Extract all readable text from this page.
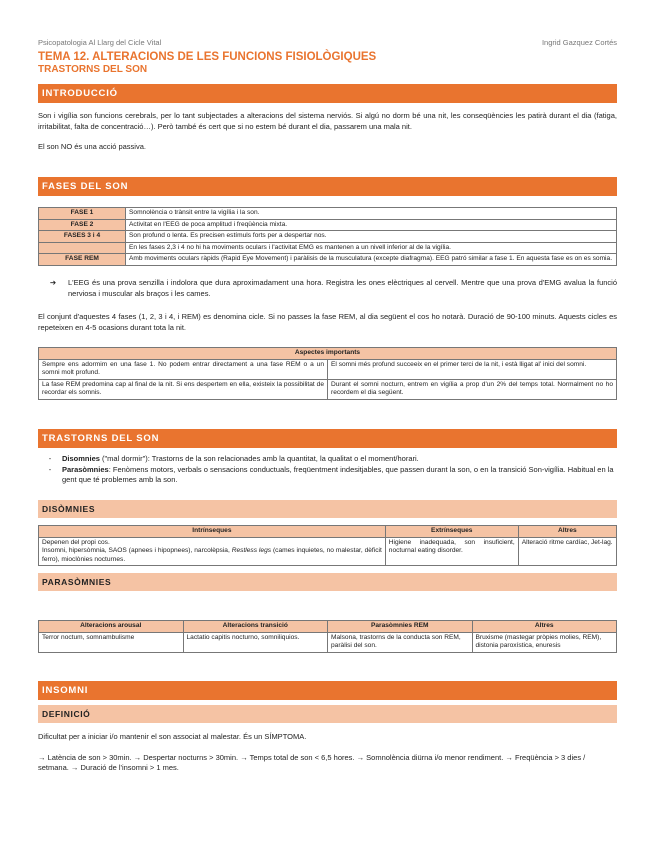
Psicopatologia Al Llarg del Cicle Vital	Ingrid Gazquez Cortés
TEMA 12. ALTERACIONS DE LES FUNCIONS FISIOLÒGIQUES
TRASTORNS DEL SON
INTRODUCCIÓ

Son i vigília son funcions cerebrals, per lo tant subjectades a alteracions del sistema nerviós. Si algú no dorm bé una nit, les conseqüències les patirà durant el dia (fatiga, irritabilitat, falta de concentració…). Però també és cert que si no estem bé durant el dia, passarem una mala nit.

El son NO és una acció passiva.

FASES DEL SON
FASE 1	Somnolència o trànsit entre la vigília i la son.
FASE 2	Activitat en l'EEG de poca amplitud i freqüència mixta.
FASES 3 i 4	Son profund o lenta. Es precisen estímuls forts per a despertar nos.
	En les fases 2,3 i 4 no hi ha moviments oculars i l'activitat EMG es mantenen a un nivell inferior al de la vigília.
FASE REM	Amb moviments oculars ràpids (Rapid Eye Movement) i paràlisis de la musculatura (excepte diafragma). EEG patró similar a fase 1. En aquesta fase es on es somia.
➔	L'EEG és una prova senzilla i indolora que dura aproximadament una hora. Registra les ones elèctriques al cervell. Mentre que una prova d'EMG avalua la funció nerviosa i muscular als braços i les cames.

El conjunt d'aquestes 4 fases (1, 2, 3 i 4, i REM) es denomina cicle. Si no passes la fase REM, al dia següent el cos ho notarà. Duració de 90-100 minuts. Aquests cicles es repeteixen en 4-5 ocasions durant tota la nit.

Aspectes importants	
Sempre ens adormim en una fase 1. No podem entrar directament a una fase REM o a un somni molt profund.	El somni més profund succeeix en el primer terci de la nit, i està lligat al' inici del somni.
La fase REM predomina cap al final de la nit. Si ens despertem en ella, existeix la possibilitat de recordar els somnis.	Durant el somni nocturn, entrem en vigília a prop d'un 2% del temps total. Normalment no ho recordem el dia següent.
TRASTORNS DEL SON
-	Disomnies ("mal dormir"): Trastorns de la son relacionades amb la quantitat, la qualitat o el moment/horari.
-	Parasòmnies: Fenòmens motors, verbals o sensacions conductuals, freqüentment indesitjables, que passen durant la son, o en la transició Son-vigília. Habitual en la gent que té problemes amb la son.
DISÒMNIES
Intrínseques	Extrínseques	Altres

Depenen del propi cos.
Insomni, hipersòmnia, SAOS (apnees i hipopnees), narcolèpsia, Restless legs (cames inquietes, no malestar, dèficit ferro), mioclònies nocturnes.	Higiene inadequada, son insuficient, nocturnal eating disorder.	Alteració ritme cardíac, Jet-lag.
PARASÒMNIES
Alteracions arousal	Alteracions transició	Parasòmnies REM	Altres
Terror noctum, somnambulisme	Lactatio capitis nocturno, somniliquios.	Malsona, trastorns de la conducta son REM, paràlisi del son.	Bruxisme (mastegar pròpies molies, REM), distonia paroxística, enuresis
INSOMNI
DEFINICIÓ

Dificultat per a iniciar i/o mantenir el son associat al malestar. És un SÍMPTOMA.

→ Latència de son > 30min. → Despertar nocturns > 30min. → Temps total de son < 6,5 hores. → Somnolència diürna i/o menor rendiment. → Freqüència > 3 dies / setmana. → Duració de l'insomni > 1 mes.
